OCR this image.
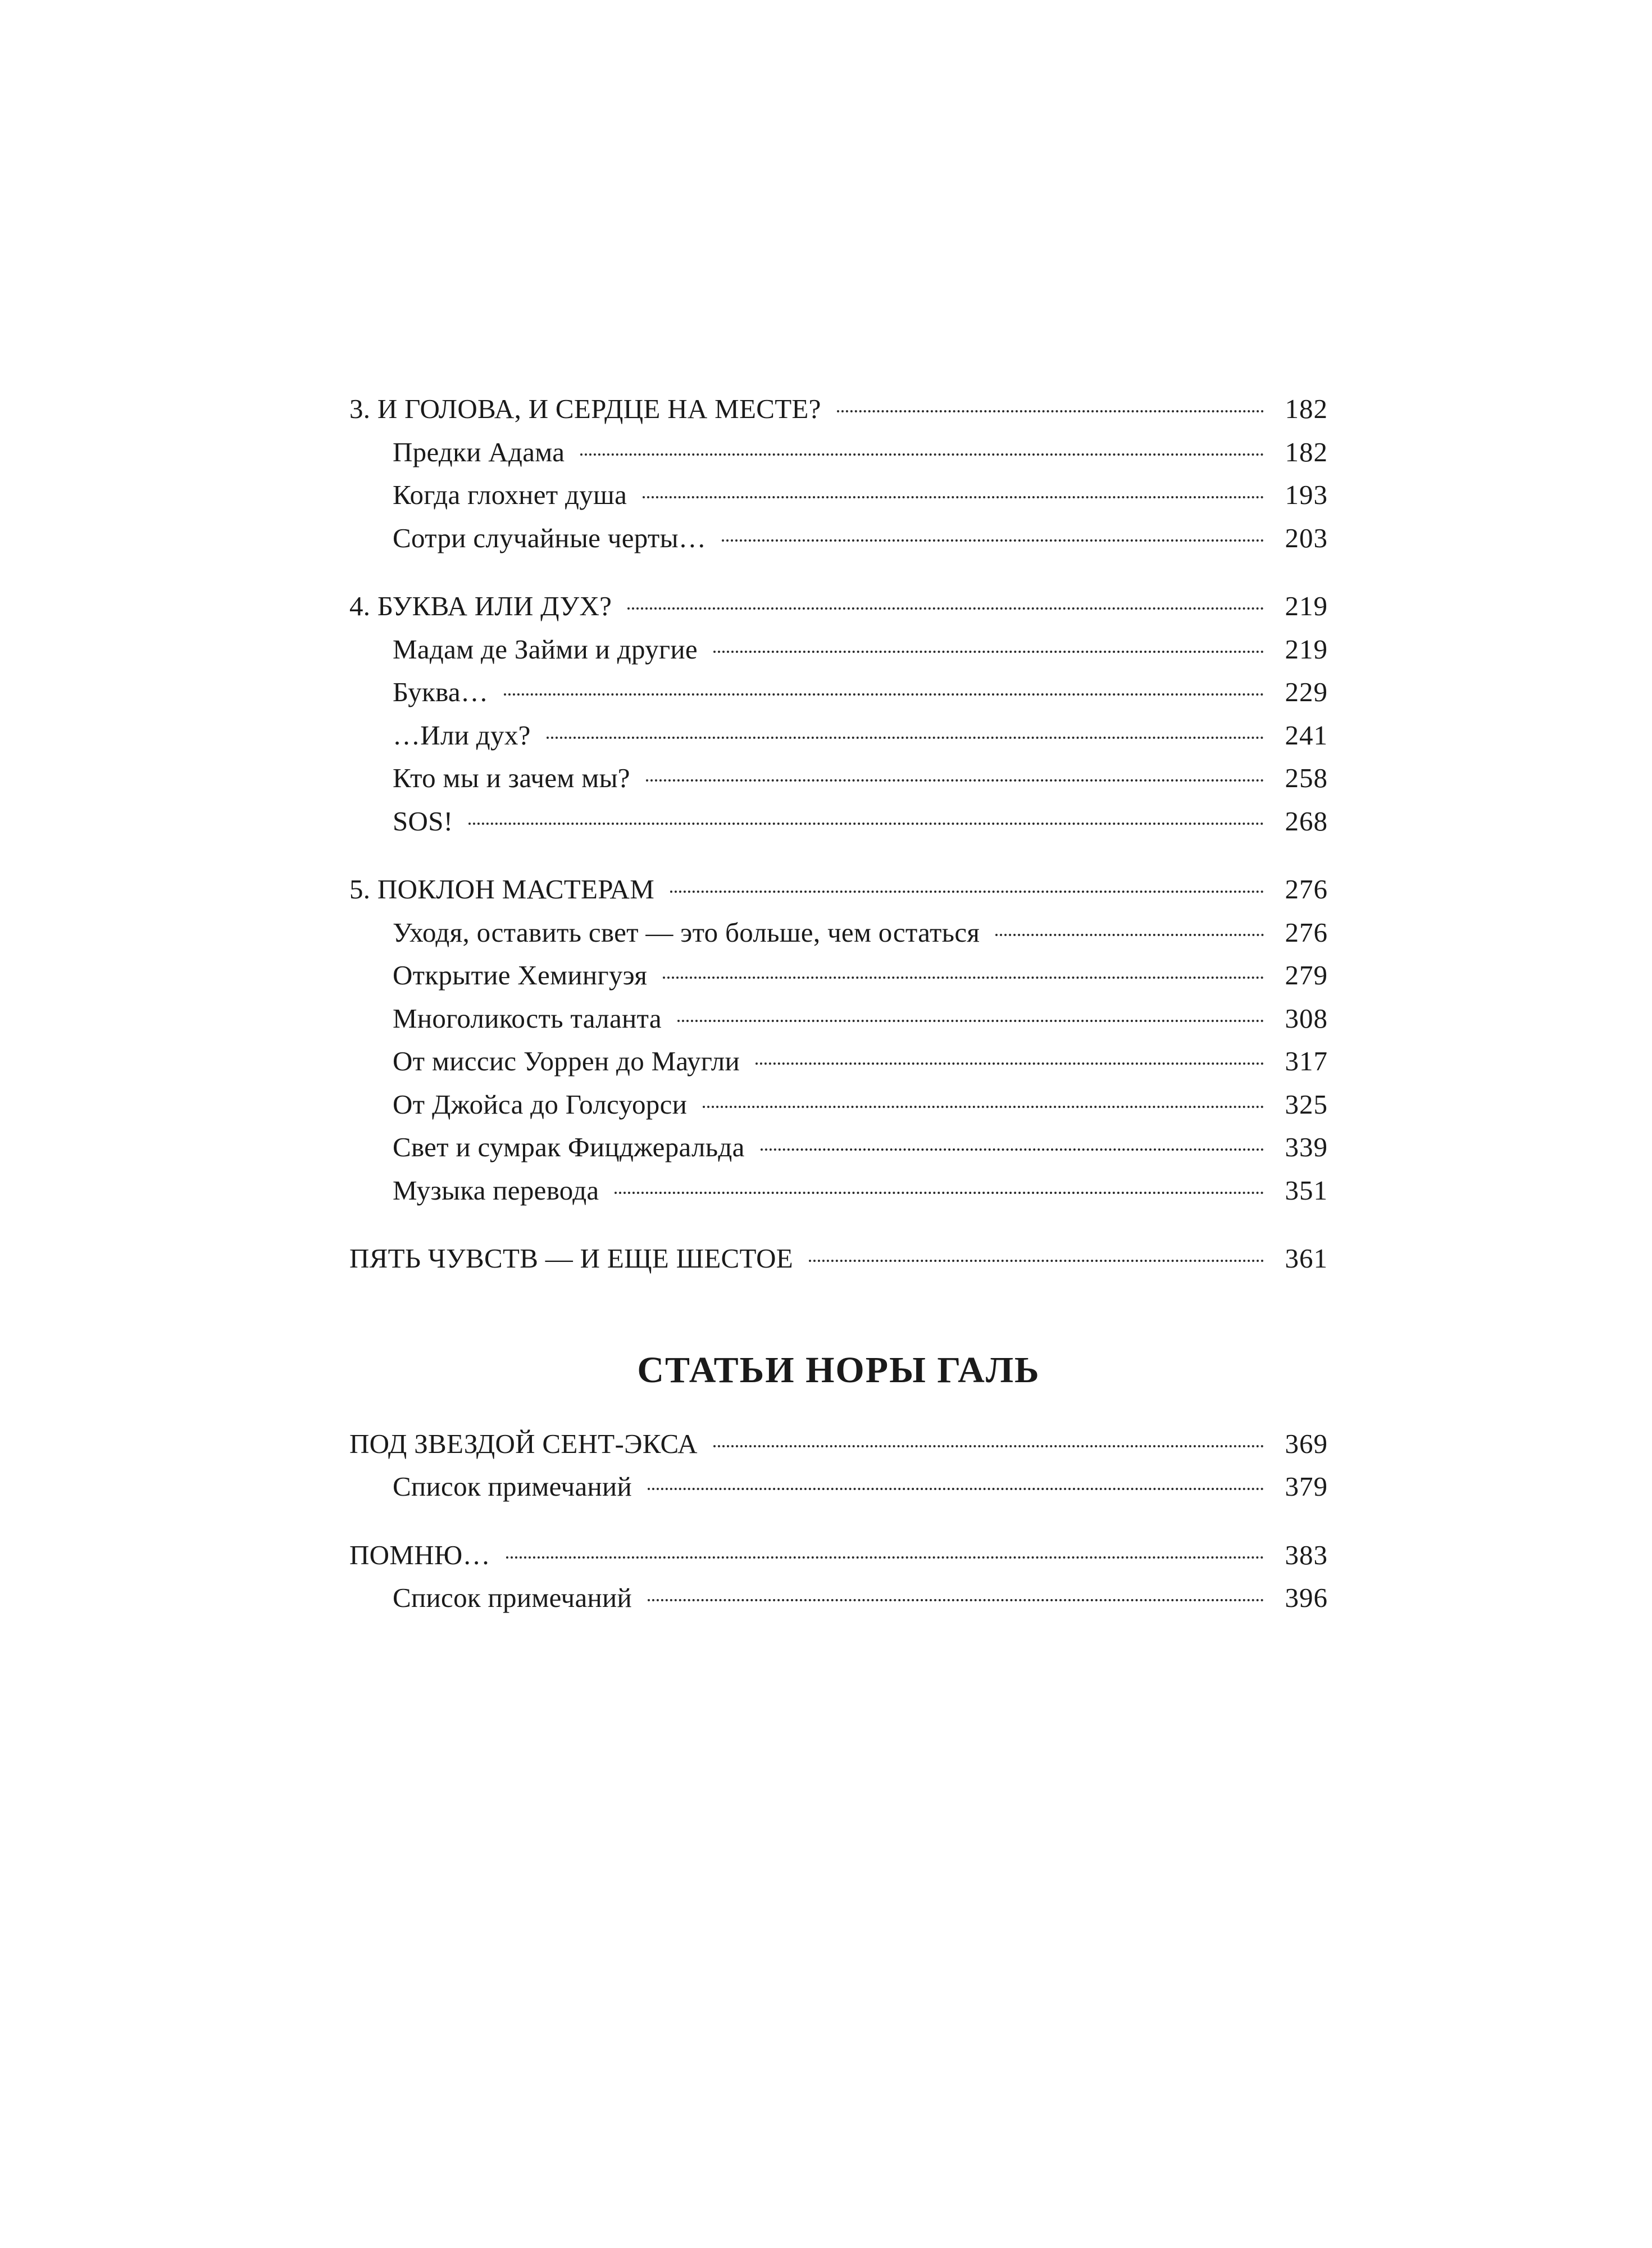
3. И ГОЛОВА, И СЕРДЦЕ НА МЕСТЕ?	182
Предки Адама	182
Когда глохнет душа	193
Сотри случайные черты…	203
4. БУКВА ИЛИ ДУХ?	219
Мадам де Займи и другие	219
Буква…	229
…Или дух?	241
Кто мы и зачем мы?	258
SOS!	268
5. ПОКЛОН МАСТЕРАМ	276
Уходя, оставить свет — это больше, чем остаться	276
Открытие Хемингуэя	279
Многоликость таланта	308
От миссис Уоррен до Маугли	317
От Джойса до Голсуорси	325
Свет и сумрак Фицджеральда	339
Музыка перевода	351
ПЯТЬ ЧУВСТВ — И ЕЩЕ ШЕСТОЕ	361
СТАТЬИ НОРЫ ГАЛЬ
ПОД ЗВЕЗДОЙ СЕНТ-ЭКСА	369
Список примечаний	379
ПОМНЮ…	383
Список примечаний	396
